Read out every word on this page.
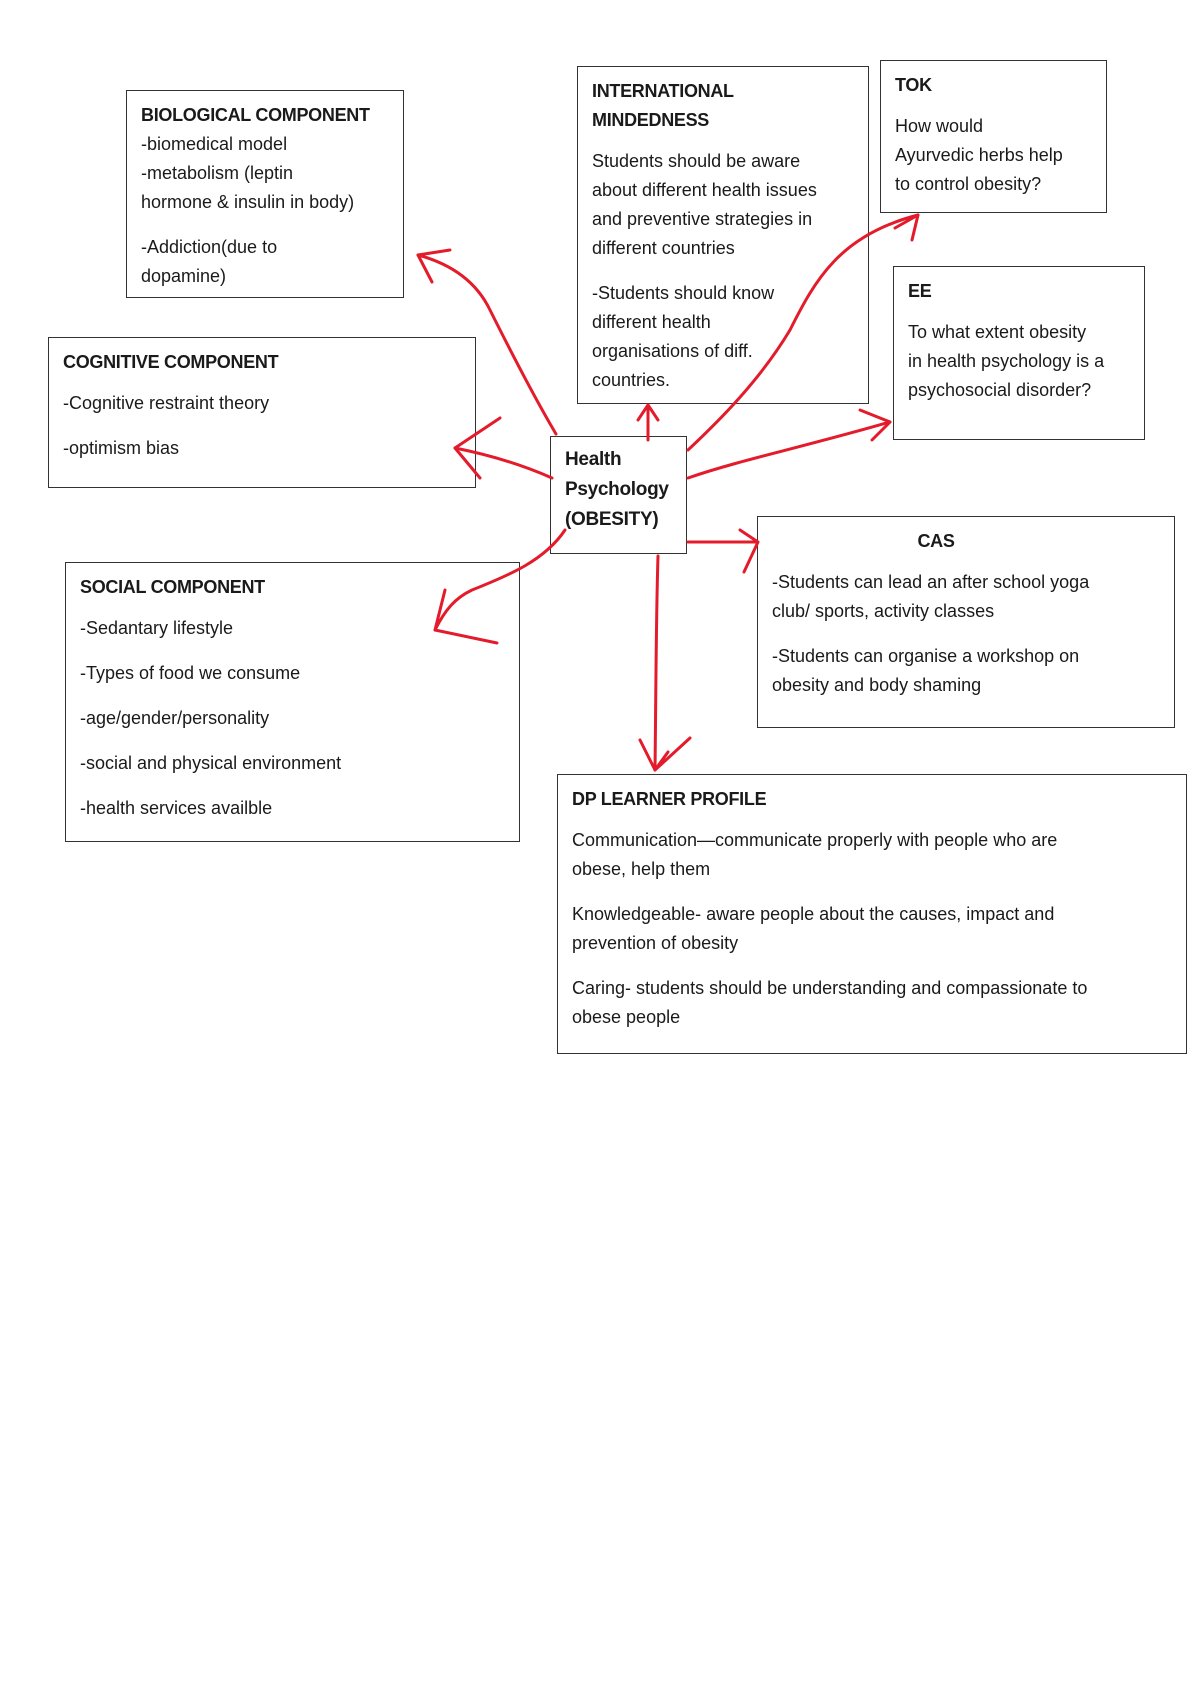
BIOLOGICAL COMPONENT

-biomedical model
-metabolism (leptin
hormone & insulin in body)

-Addiction(due to
dopamine)

COGNITIVE COMPONENT

-Cognitive restraint theory

-optimism bias

SOCIAL COMPONENT

-Sedantary lifestyle

-Types of food we consume

-age/gender/personality

-social and physical environment

-health services availble

INTERNATIONAL
MINDEDNESS

Students should be aware
about different health issues
and preventive strategies in
different countries

-Students should know
different health
organisations of diff.
countries.

TOK

How would
Ayurvedic herbs help
to control obesity?

EE

To what extent obesity
in health psychology is a
psychosocial disorder?

Health
Psychology
(OBESITY)

CAS

-Students can lead an after school yoga
club/ sports, activity classes

-Students can organise a workshop on
obesity and body shaming

DP LEARNER PROFILE

Communication—communicate properly with people who are
obese, help them

Knowledgeable- aware people about the causes, impact and
prevention of obesity

Caring- students should be understanding and compassionate to
obese people
